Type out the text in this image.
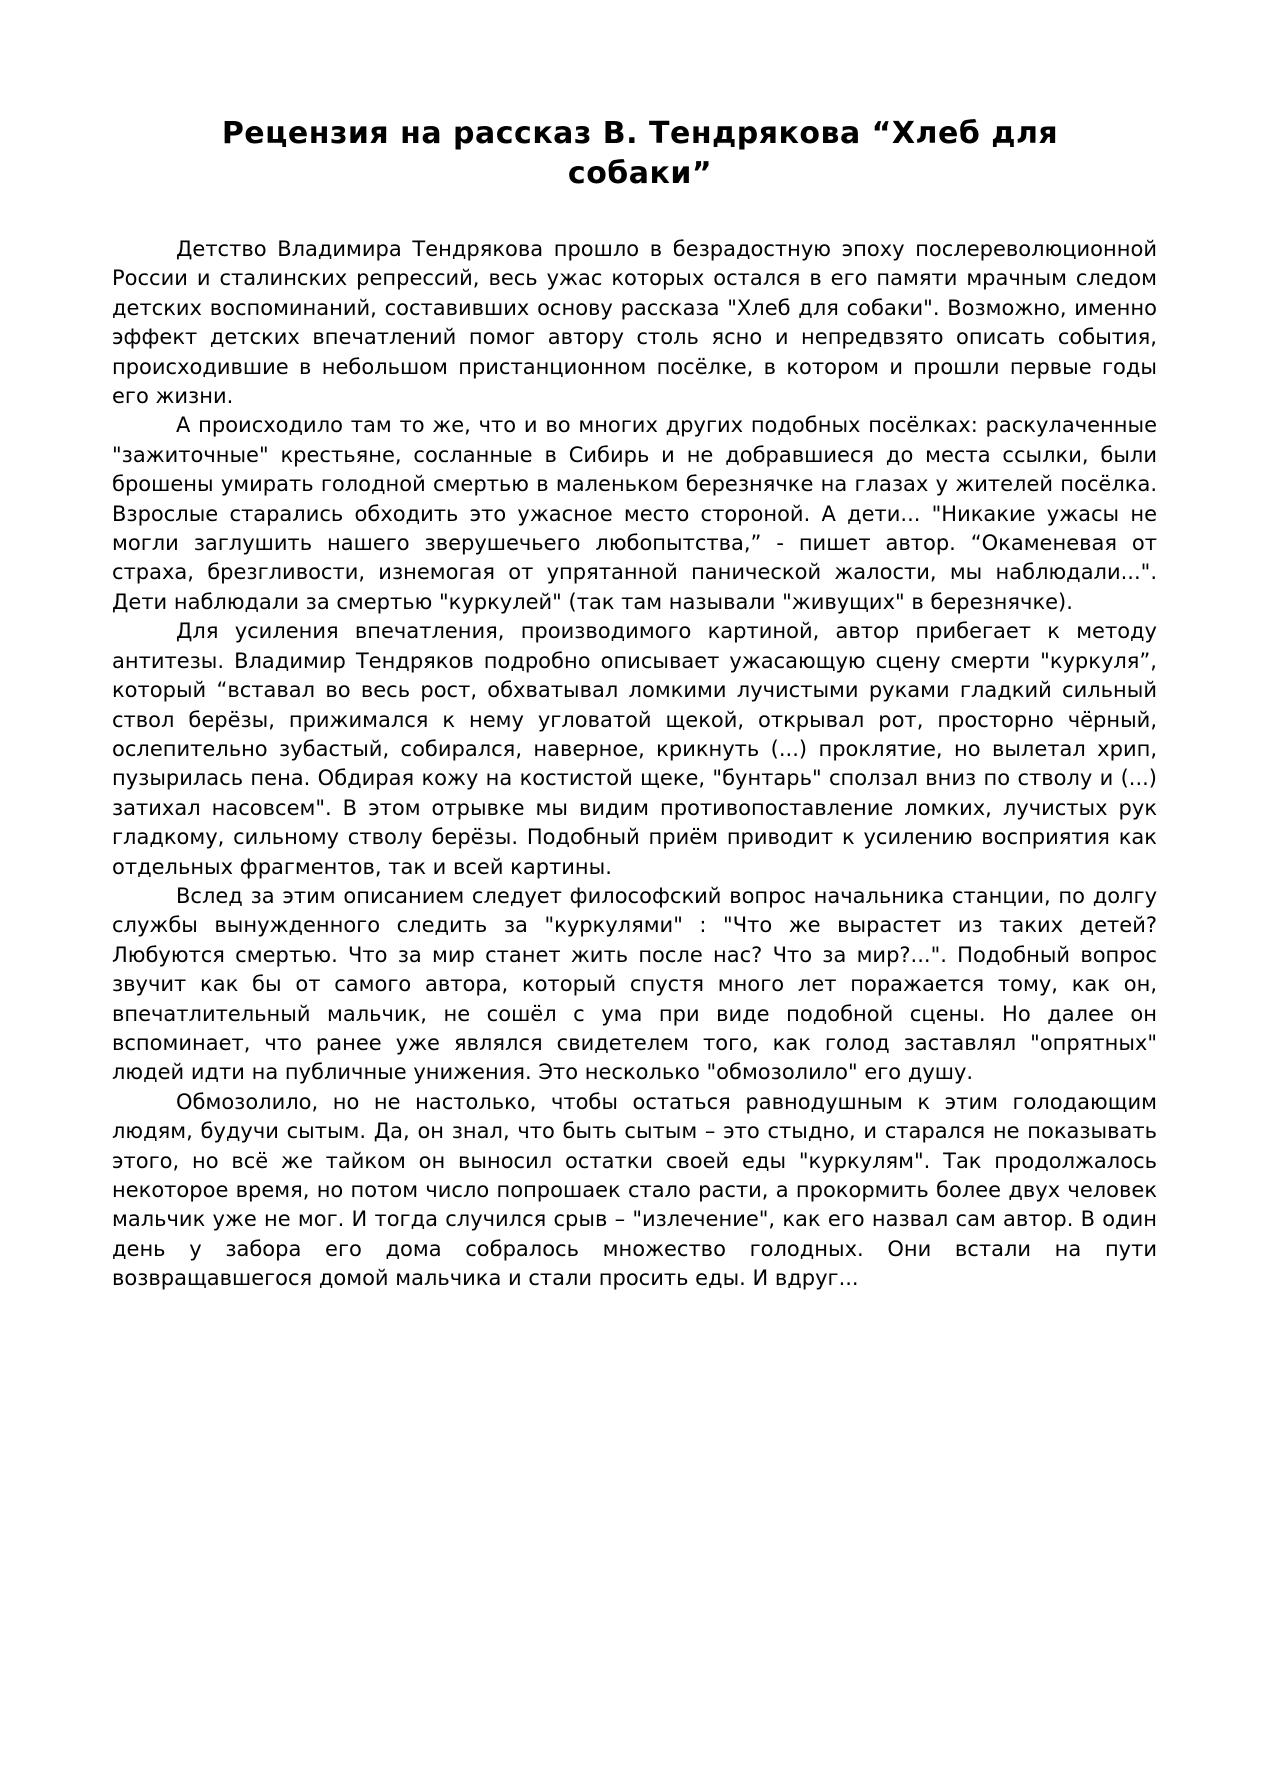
Рецензия на рассказ В. Тендрякова “Хлеб для собаки”

Детство Владимира Тендрякова прошло в безрадостную эпоху послереволюционной России и сталинских репрессий, весь ужас которых остался в его памяти мрачным следом детских воспоминаний, составивших основу рассказа "Хлеб для собаки". Возможно, именно эффект детских впечатлений помог автору столь ясно и непредвзято описать события, происходившие в небольшом пристанционном посёлке, в котором и прошли первые годы его жизни.

А происходило там то же, что и во многих других подобных посёлках: раскулаченные "зажиточные" крестьяне, сосланные в Сибирь и не добравшиеся до места ссылки, были брошены умирать голодной смертью в маленьком березнячке на глазах у жителей посёлка. Взрослые старались обходить это ужасное место стороной. А дети... "Никакие ужасы не могли заглушить нашего зверушечьего любопытства,” - пишет автор. “Окаменевая от страха, брезгливости, изнемогая от упрятанной панической жалости, мы наблюдали...". Дети наблюдали за смертью "куркулей" (так там называли "живущих" в березнячке).

Для усиления впечатления, производимого картиной, автор прибегает к методу антитезы. Владимир Тендряков подробно описывает ужасающую сцену смерти "куркуля”, который “вставал во весь рост, обхватывал ломкими лучистыми руками гладкий сильный ствол берёзы, прижимался к нему угловатой щекой, открывал рот, просторно чёрный, ослепительно зубастый, собирался, наверное, крикнуть (...) проклятие, но вылетал хрип, пузырилась пена. Обдирая кожу на костистой щеке, "бунтарь" сползал вниз по стволу и (...) затихал насовсем". В этом отрывке мы видим противопоставление ломких, лучистых рук гладкому, сильному стволу берёзы. Подобный приём приводит к усилению восприятия как отдельных фрагментов, так и всей картины.

Вслед за этим описанием следует философский вопрос начальника станции, по долгу службы вынужденного следить за "куркулями" : "Что же вырастет из таких детей? Любуются смертью. Что за мир станет жить после нас? Что за мир?...". Подобный вопрос звучит как бы от самого автора, который спустя много лет поражается тому, как он, впечатлительный мальчик, не сошёл с ума при виде подобной сцены. Но далее он вспоминает, что ранее уже являлся свидетелем того, как голод заставлял "опрятных" людей идти на публичные унижения. Это несколько "обмозолило" его душу.

Обмозолило, но не настолько, чтобы остаться равнодушным к этим голодающим людям, будучи сытым. Да, он знал, что быть сытым – это стыдно, и старался не показывать этого, но всё же тайком он выносил остатки своей еды "куркулям". Так продолжалось некоторое время, но потом число попрошаек стало расти, а прокормить более двух человек мальчик уже не мог. И тогда случился срыв – "излечение", как его назвал сам автор. В один день у забора его дома собралось множество голодных. Они встали на пути возвращавшегося домой мальчика и стали просить еды. И вдруг...
